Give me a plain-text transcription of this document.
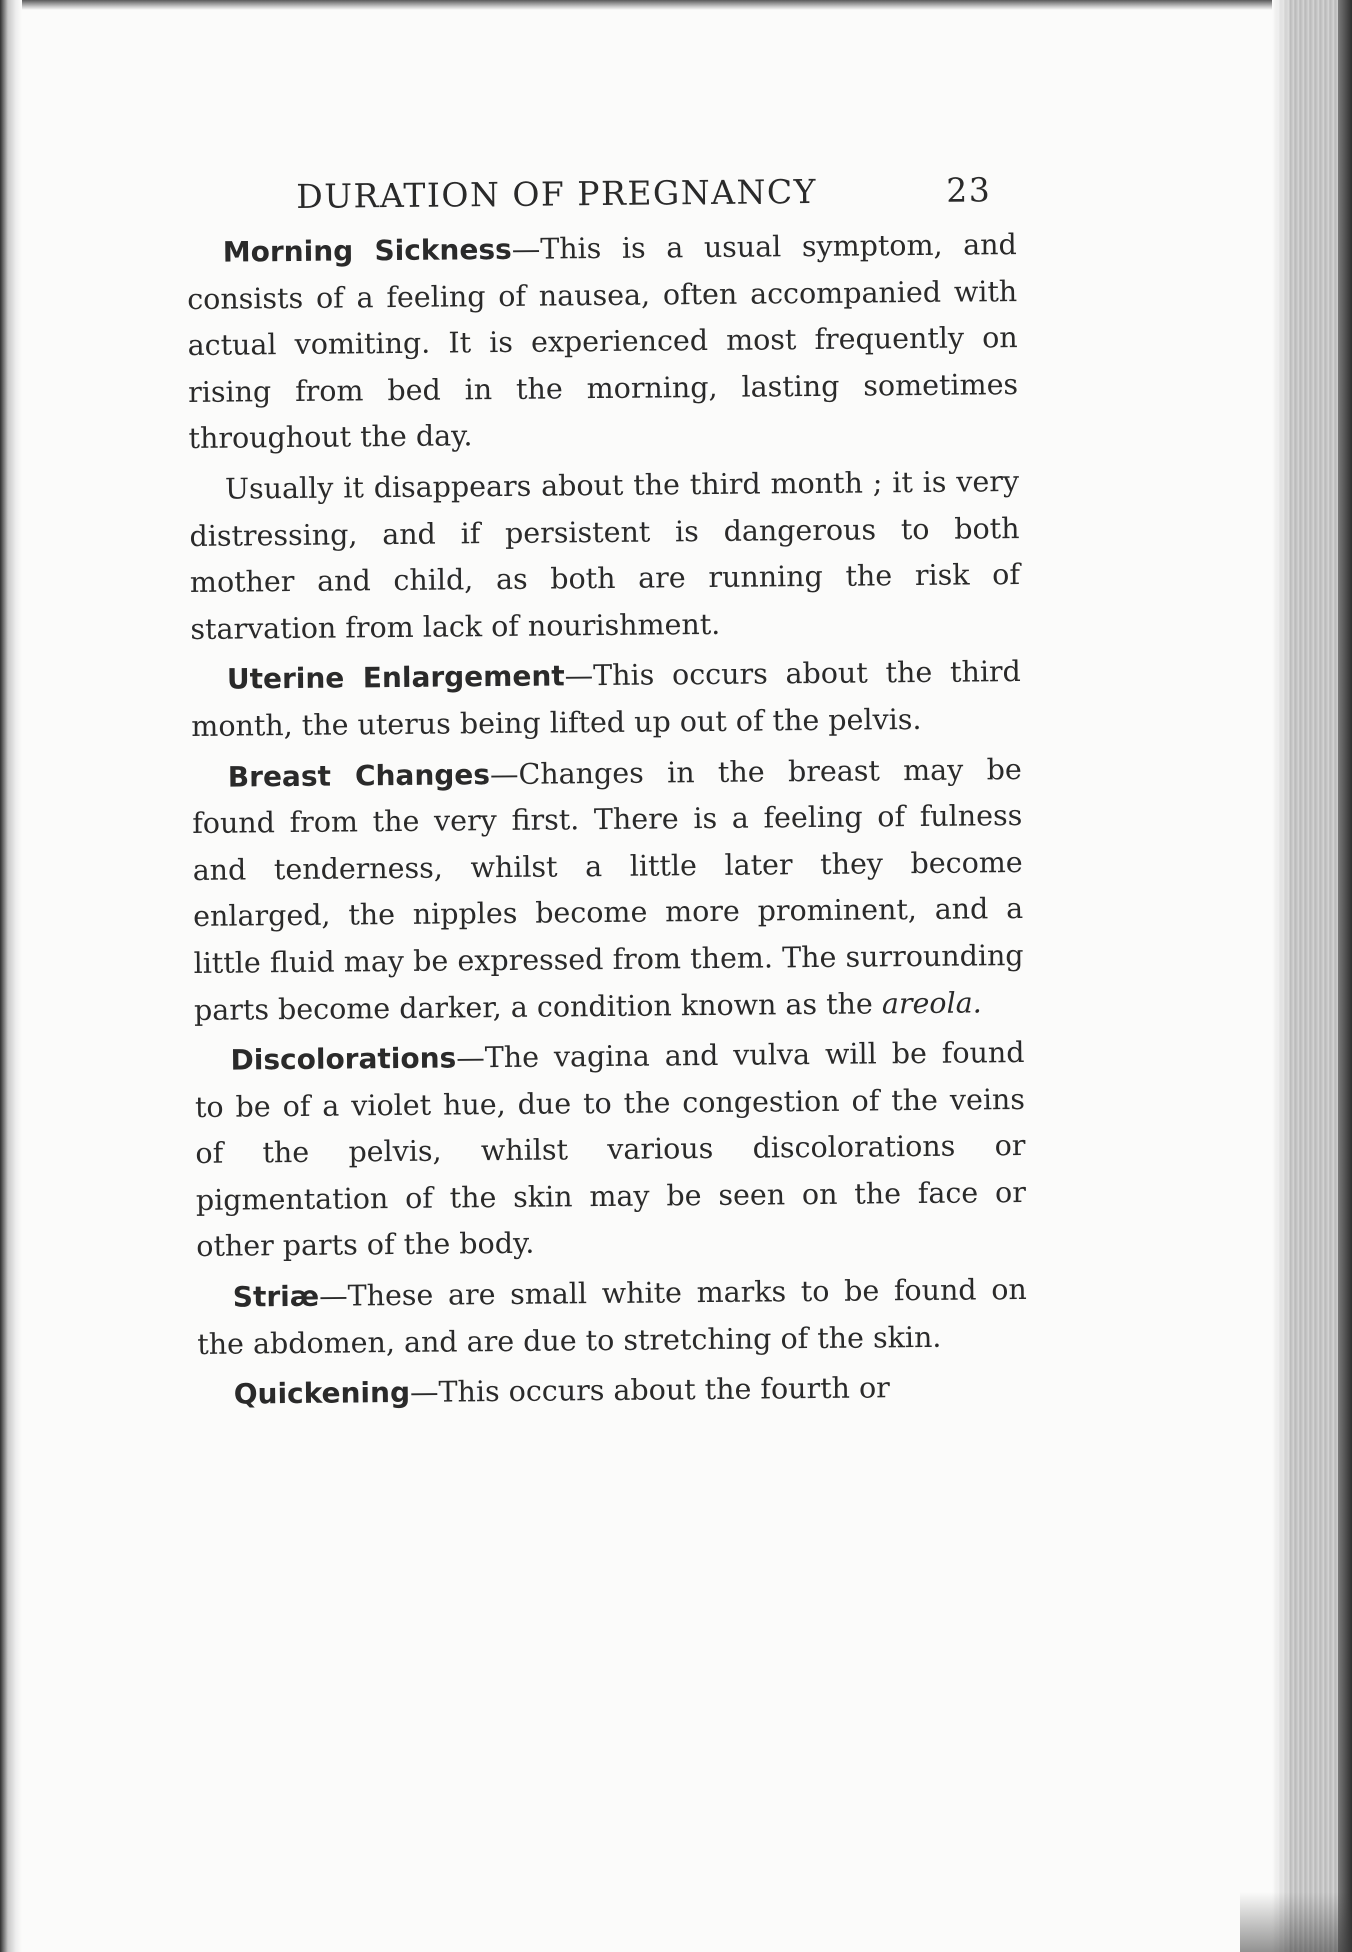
DURATION OF PREGNANCY	23

Morning Sickness—This is a usual symptom, and consists of a feeling of nausea, often accompanied with actual vomiting. It is experienced most frequently on rising from bed in the morning, lasting sometimes throughout the day.

Usually it disappears about the third month ; it is very distressing, and if persistent is dangerous to both mother and child, as both are running the risk of starvation from lack of nourishment.

Uterine Enlargement—This occurs about the third month, the uterus being lifted up out of the pelvis.

Breast Changes—Changes in the breast may be found from the very first. There is a feeling of fulness and tenderness, whilst a little later they become enlarged, the nipples become more prominent, and a little fluid may be expressed from them. The surrounding parts become darker, a condition known as the areola.

Discolorations—The vagina and vulva will be found to be of a violet hue, due to the congestion of the veins of the pelvis, whilst various discolorations or pigmentation of the skin may be seen on the face or other parts of the body.

Striæ—These are small white marks to be found on the abdomen, and are due to stretching of the skin.

Quickening—This occurs about the fourth or
